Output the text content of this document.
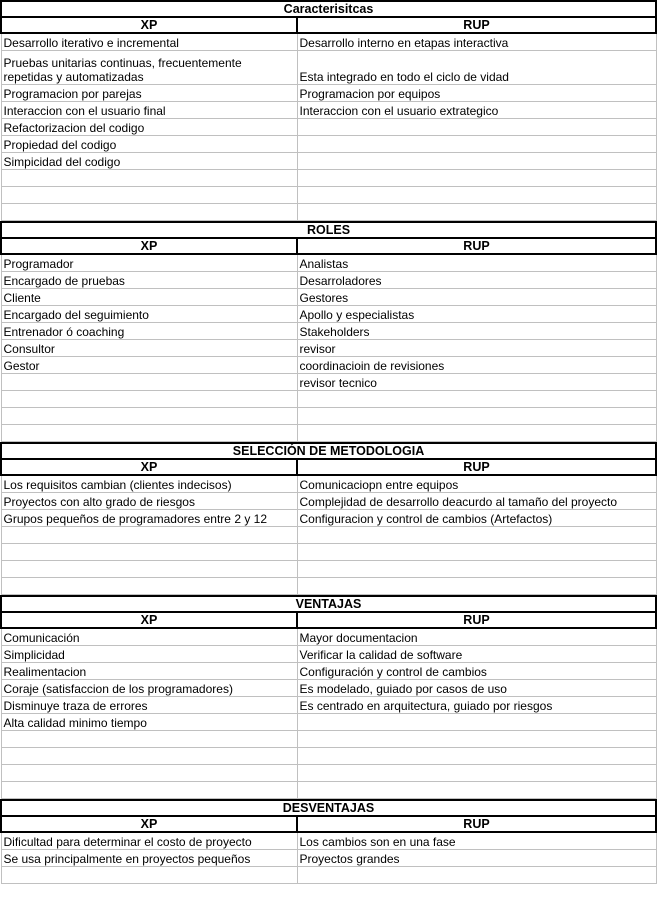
Caracterisitcas	
XP	RUP
Desarrollo iterativo e incremental	Desarrollo interno en etapas interactiva

Pruebas unitarias continuas, frecuentemente
repetidas y automatizadas	Esta integrado en todo el ciclo de vidad
Programacion por parejas	Programacion por equipos
Interaccion con el usuario final	Interaccion con el usuario extrategico
Refactorizacion del codigo	
Propiedad del codigo	
Simpicidad del codigo	

ROLES	
XP	RUP
Programador	Analistas
Encargado de pruebas	Desarroladores
Cliente	Gestores
Encargado del seguimiento	Apollo y especialistas
Entrenador ó coaching	Stakeholders
Consultor	revisor
Gestor	coordinacioin de revisiones
	revisor tecnico

SELECCIÓN DE METODOLOGIA	
XP	RUP
Los requisitos cambian (clientes indecisos)	Comunicaciopn entre equipos
Proyectos con alto grado de riesgos	Complejidad de desarrollo deacurdo al tamaño del proyecto
Grupos pequeños de programadores entre 2 y 12	Configuracion y control de cambios (Artefactos)

VENTAJAS	
XP	RUP
Comunicación	Mayor documentacion
Simplicidad	Verificar la calidad de software
Realimentacion	Configuración y control de cambios
Coraje (satisfaccion de los programadores)	Es modelado, guiado por casos de uso
Disminuye traza de errores	Es centrado en arquitectura, guiado por riesgos
Alta calidad minimo tiempo	

DESVENTAJAS	
XP	RUP
Dificultad para determinar el costo de proyecto	Los cambios son en una fase
Se usa principalmente en proyectos pequeños	Proyectos grandes
